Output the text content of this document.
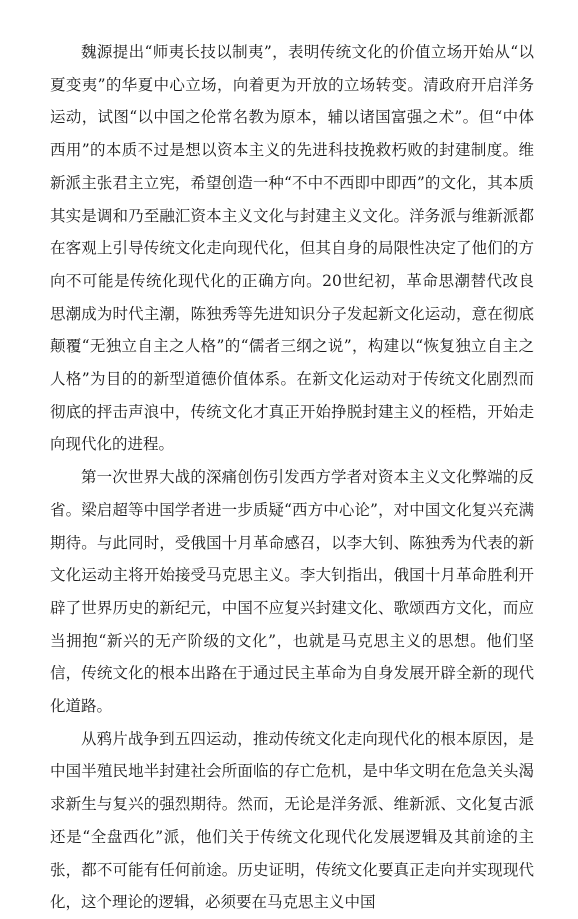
魏源提出“师夷长技以制夷”，表明传统文化的价值立场开始从“以夏变夷”的华夏中心立场，向着更为开放的立场转变。清政府开启洋务运动，试图“以中国之伦常名教为原本，辅以诸国富强之术”。但“中体西用”的本质不过是想以资本主义的先进科技挽救朽败的封建制度。维新派主张君主立宪，希望创造一种“不中不西即中即西”的文化，其本质其实是调和乃至融汇资本主义文化与封建主义文化。洋务派与维新派都在客观上引导传统文化走向现代化，但其自身的局限性决定了他们的方向不可能是传统化现代化的正确方向。20世纪初，革命思潮替代改良思潮成为时代主潮，陈独秀等先进知识分子发起新文化运动，意在彻底颠覆“无独立自主之人格”的“儒者三纲之说”，构建以“恢复独立自主之人格”为目的的新型道德价值体系。在新文化运动对于传统文化剧烈而彻底的抨击声浪中，传统文化才真正开始挣脱封建主义的桎梏，开始走向现代化的进程。

第一次世界大战的深痛创伤引发西方学者对资本主义文化弊端的反省。梁启超等中国学者进一步质疑“西方中心论”，对中国文化复兴充满期待。与此同时，受俄国十月革命感召，以李大钊、陈独秀为代表的新文化运动主将开始接受马克思主义。李大钊指出，俄国十月革命胜利开辟了世界历史的新纪元，中国不应复兴封建文化、歌颂西方文化，而应当拥抱“新兴的无产阶级的文化”，也就是马克思主义的思想。他们坚信，传统文化的根本出路在于通过民主革命为自身发展开辟全新的现代化道路。

从鸦片战争到五四运动，推动传统文化走向现代化的根本原因，是中国半殖民地半封建社会所面临的存亡危机，是中华文明在危急关头渴求新生与复兴的强烈期待。然而，无论是洋务派、维新派、文化复古派还是“全盘西化”派，他们关于传统文化现代化发展逻辑及其前途的主张，都不可能有任何前途。历史证明，传统文化要真正走向并实现现代化，这个理论的逻辑，必须要在马克思主义中国
